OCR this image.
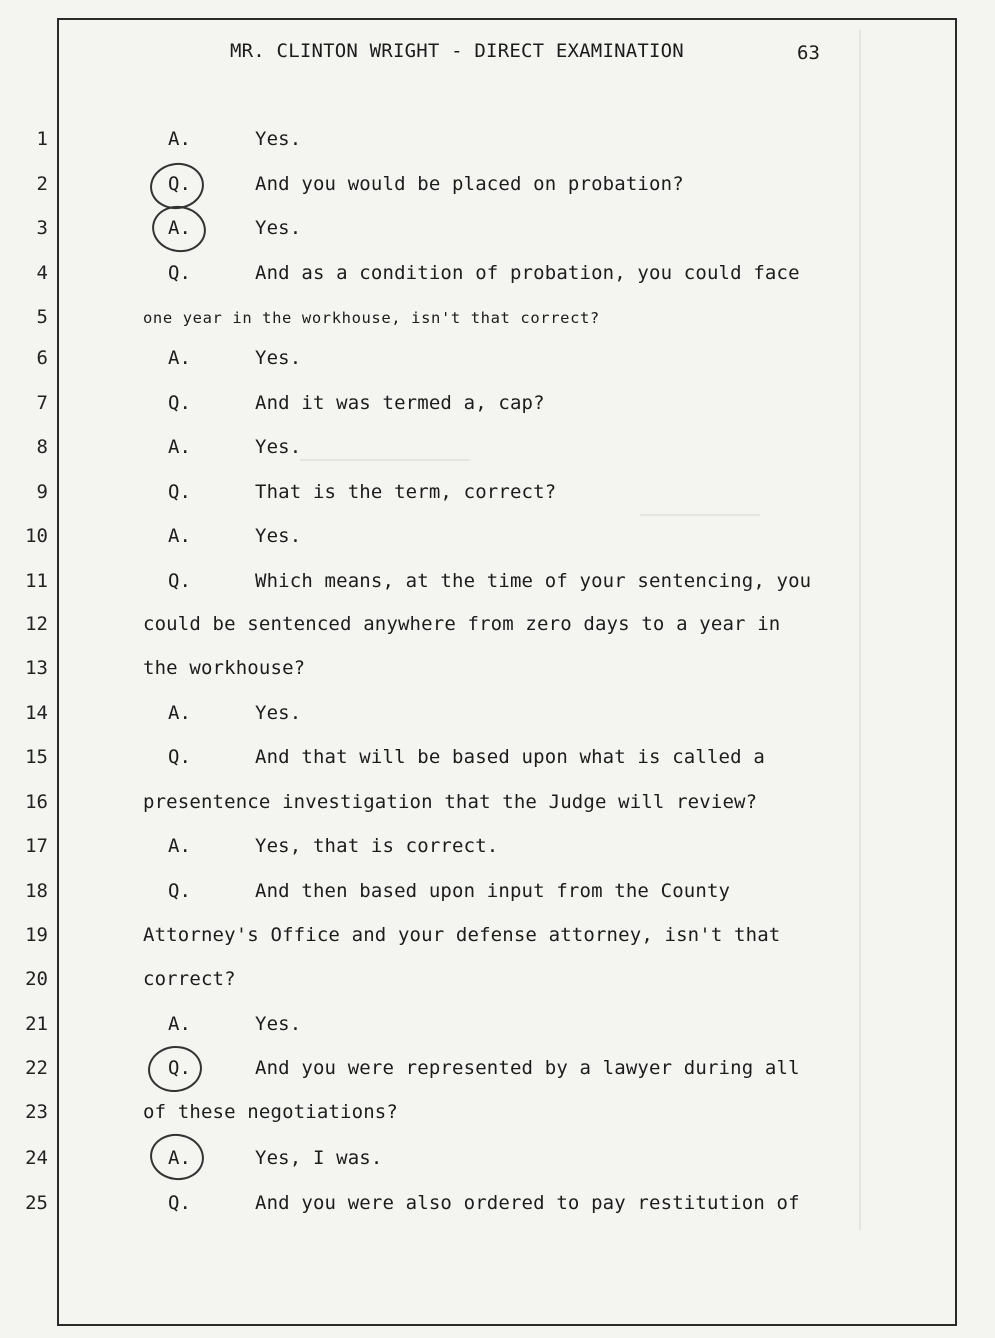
MR. CLINTON WRIGHT - DIRECT EXAMINATION	63
1	A.	Yes.
2	Q.	And you would be placed on probation?
3	A.	Yes.
4	Q.	And as a condition of probation, you could face
5	one year in the workhouse, isn't that correct?
6	A.	Yes.
7	Q.	And it was termed a, cap?
8	A.	Yes.
9	Q.	That is the term, correct?
10	A.	Yes.
11	Q.	Which means, at the time of your sentencing, you
12	could be sentenced anywhere from zero days to a year in
13	the workhouse?
14	A.	Yes.
15	Q.	And that will be based upon what is called a
16	presentence investigation that the Judge will review?
17	A.	Yes, that is correct.
18	Q.	And then based upon input from the County
19	Attorney's Office and your defense attorney, isn't that
20	correct?
21	A.	Yes.
22	Q.	And you were represented by a lawyer during all
23	of these negotiations?
24	A.	Yes, I was.
25	Q.	And you were also ordered to pay restitution of
